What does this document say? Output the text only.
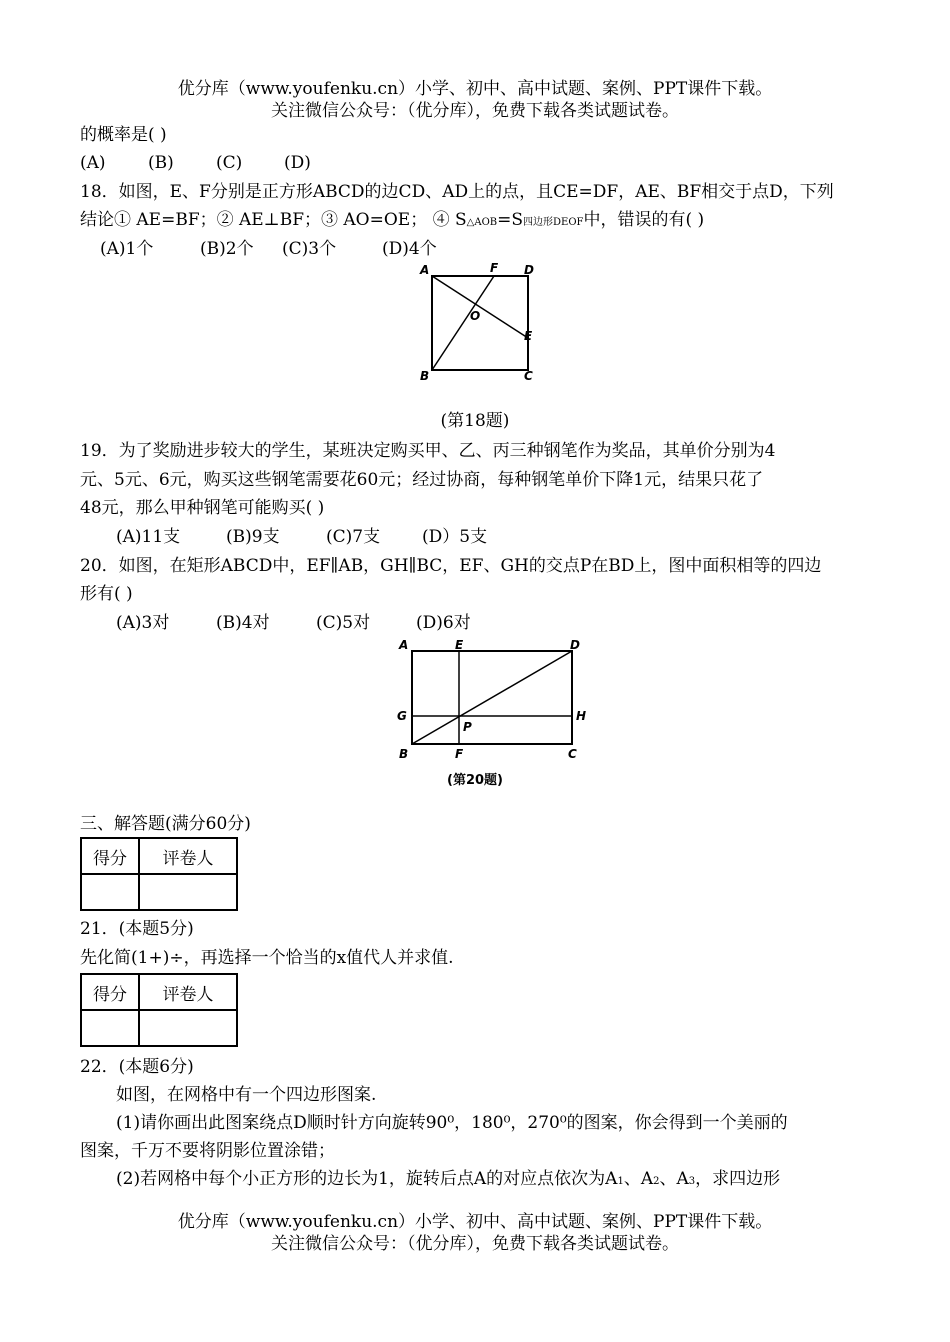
优分库（www.youfenku.cn）小学、初中、高中试题、案例、PPT课件下载。
关注微信公众号：（优分库），免费下载各类试题试卷。
的概率是( )
(A) (B) (C) (D)
18．如图，E、F分别是正方形ABCD的边CD、AD上的点，且CE=DF，AE、BF相交于点D，下列
结论① AE=BF；② AE⊥BF；③ AO=OE； ④ S△AOB=S四边形DEOF中，错误的有( )
(A)1个	(B)2个 (C)3个	(D)4个
A	F D
O
E
B	C
(第18题)
19．为了奖励进步较大的学生，某班决定购买甲、乙、丙三种钢笔作为奖品，其单价分别为4
元、5元、6元，购买这些钢笔需要花60元；经过协商，每种钢笔单价下降1元，结果只花了
48元，那么甲种钢笔可能购买( )
(A)11支	(B)9支	(C)7支 (D）5支
20．如图，在矩形ABCD中，EF∥AB，GH∥BC，EF、GH的交点P在BD上，图中面积相等的四边
形有( )
(A)3对	(B)4对	(C)5对	(D)6对
A	E	D
G	H
P
B	F	C
(第20题)
三、解答题(满分60分)
得分	评卷人

21．(本题5分)
先化简(1+)÷，再选择一个恰当的x值代人并求值.
得分	评卷人

22．(本题6分)
如图，在网格中有一个四边形图案.
(1)请你画出此图案绕点D顺时针方向旋转90⁰，180⁰，270⁰的图案，你会得到一个美丽的
图案，千万不要将阴影位置涂错；
(2)若网格中每个小正方形的边长为1，旋转后点A的对应点依次为A1、A2、A3，求四边形
优分库（www.youfenku.cn）小学、初中、高中试题、案例、PPT课件下载。
关注微信公众号：（优分库），免费下载各类试题试卷。
